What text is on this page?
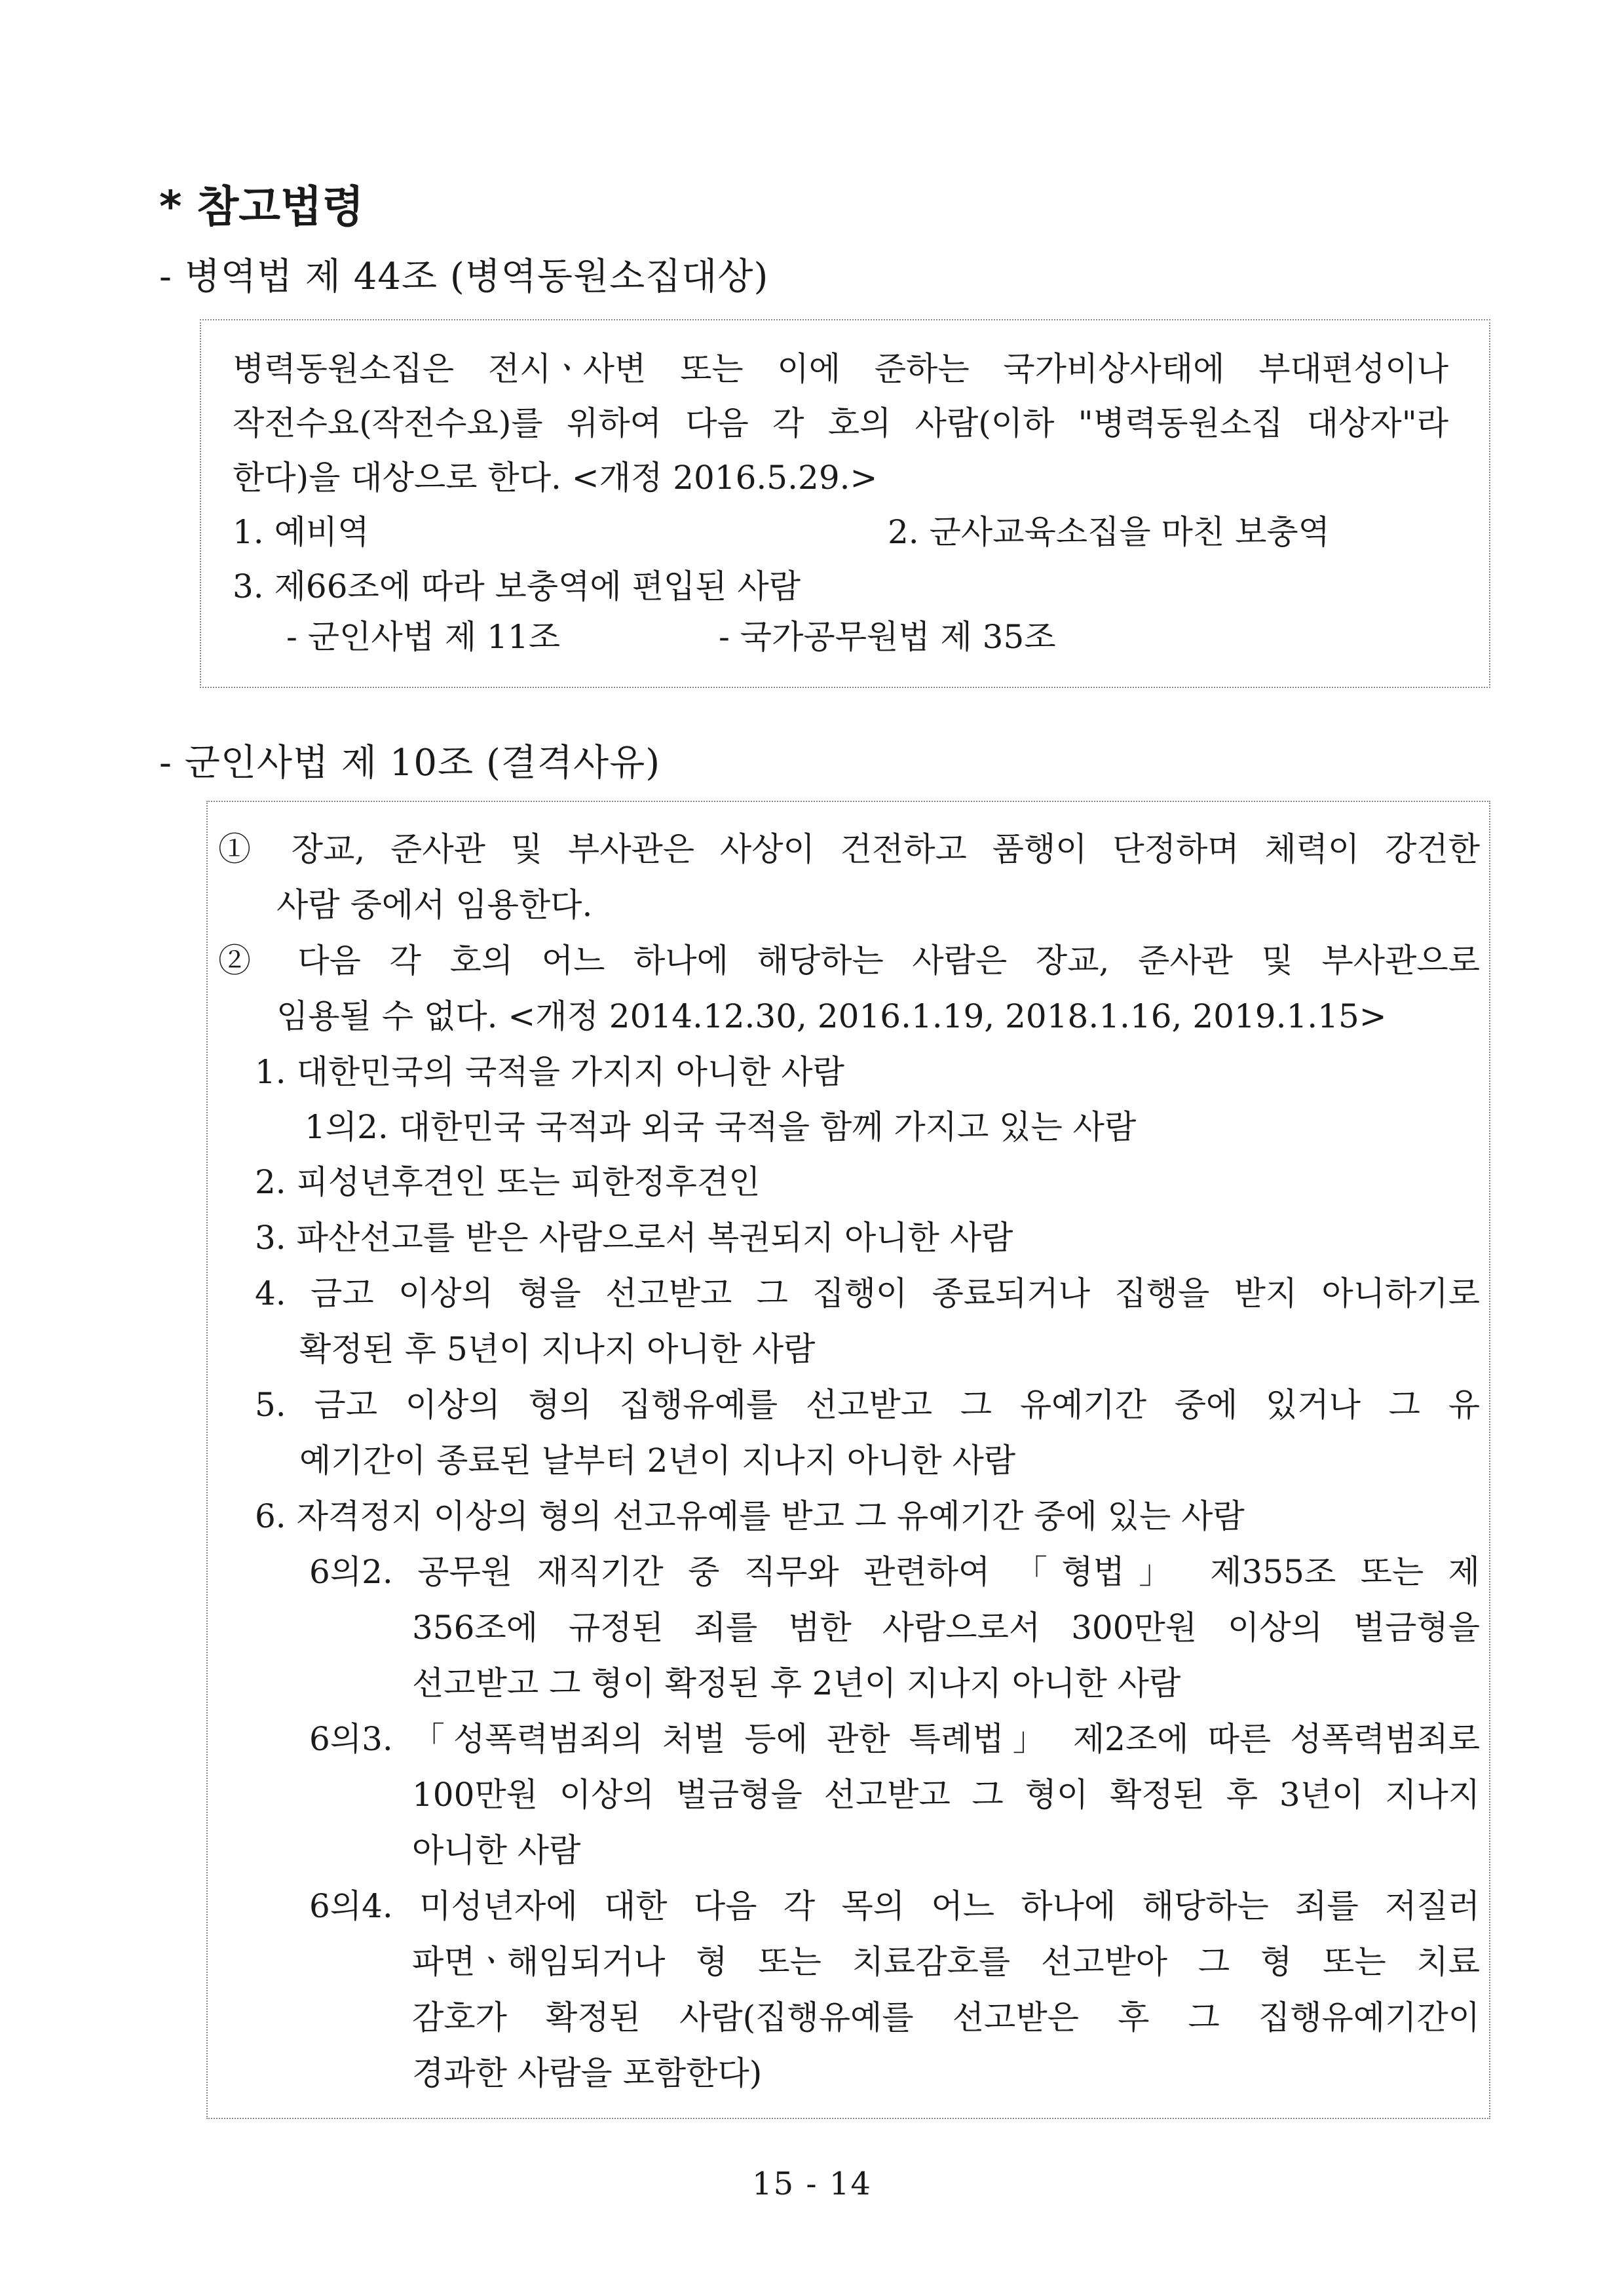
* 참고법령
- 병역법 제 44조 (병역동원소집대상)
병력동원소집은 전시ㆍ사변 또는 이에 준하는 국가비상사태에 부대편성이나
작전수요(작전수요)를 위하여 다음 각 호의 사람(이하 "병력동원소집 대상자"라
한다)을 대상으로 한다. <개정 2016.5.29.>
1. 예비역	2. 군사교육소집을 마친 보충역
3. 제66조에 따라 보충역에 편입된 사람
- 군인사법 제 11조	- 국가공무원법 제 35조
- 군인사법 제 10조 (결격사유)
① 장교, 준사관 및 부사관은 사상이 건전하고 품행이 단정하며 체력이 강건한
사람 중에서 임용한다.
② 다음 각 호의 어느 하나에 해당하는 사람은 장교, 준사관 및 부사관으로
임용될 수 없다. <개정 2014.12.30, 2016.1.19, 2018.1.16, 2019.1.15>
1. 대한민국의 국적을 가지지 아니한 사람
1의2. 대한민국 국적과 외국 국적을 함께 가지고 있는 사람
2. 피성년후견인 또는 피한정후견인
3. 파산선고를 받은 사람으로서 복권되지 아니한 사람
4. 금고 이상의 형을 선고받고 그 집행이 종료되거나 집행을 받지 아니하기로
확정된 후 5년이 지나지 아니한 사람
5. 금고 이상의 형의 집행유예를 선고받고 그 유예기간 중에 있거나 그 유
예기간이 종료된 날부터 2년이 지나지 아니한 사람
6. 자격정지 이상의 형의 선고유예를 받고 그 유예기간 중에 있는 사람
6의2. 공무원 재직기간 중 직무와 관련하여 「형법」 제355조 또는 제
356조에 규정된 죄를 범한 사람으로서 300만원 이상의 벌금형을
선고받고 그 형이 확정된 후 2년이 지나지 아니한 사람
6의3. 「성폭력범죄의 처벌 등에 관한 특례법」 제2조에 따른 성폭력범죄로
100만원 이상의 벌금형을 선고받고 그 형이 확정된 후 3년이 지나지
아니한 사람
6의4. 미성년자에 대한 다음 각 목의 어느 하나에 해당하는 죄를 저질러
파면ㆍ해임되거나 형 또는 치료감호를 선고받아 그 형 또는 치료
감호가 확정된 사람(집행유예를 선고받은 후 그 집행유예기간이
경과한 사람을 포함한다)
15 - 14
